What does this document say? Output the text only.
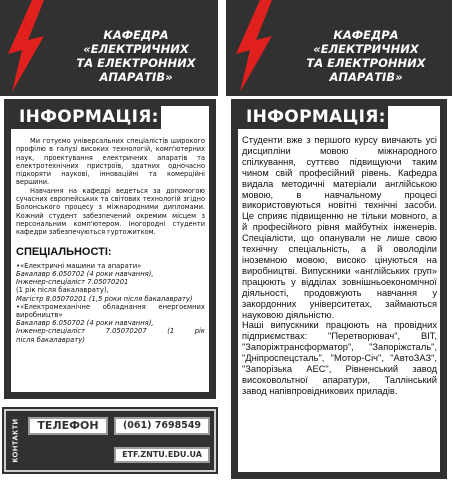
КАФЕДРА
«ЕЛЕКТРИЧНИХ
ТА ЕЛЕКТРОННИХ АПАРАТІВ»
КАФЕДРА
«ЕЛЕКТРИЧНИХ
ТА ЕЛЕКТРОННИХ АПАРАТІВ»
ІНФОРМАЦІЯ:

Ми готуємо універсальних спеціалістів широкого профілю в галузі високих технологій, комп'ютерних наук, проектування електричних апаратів та електротехнічних пристроїв, здатних одночасно підкоряти наукові, інноваційні та комерційні вершини.

Навчання на кафедрі ведеться за допомогою сучасних європейських та світових технологій згідно Болонського процесу з міжнародними дипломами. Кожний студент забезпечений окремим місцем з персональним комп'ютером. Іногородні студенти кафедри забезпечуються гуртожитком.

СПЕЦІАЛЬНОСТІ:
•«Електричні машини та апарати»
Бакалавр 6.050702 (4 роки навчання),
Інженер-спеціаліст 7.05070201
(1 рік після бакалаврату),
Магістр 8.05070201 (1,5 роки після бакалаврату)
•«Електромеханічне обладнання енергоємних виробництв»
Бакалавр 6.050702 (4 роки навчання),
Інженер-спеціаліст      7.05070207      (1      рік      після бакалаврату)
ІНФОРМАЦІЯ:

Студенти вже з першого курсу вивчають усі дисципліни мовою міжнародного спілкування, суттєво підвищуючи таким чином свій професійний рівень. Кафедра видала методичні матеріали англійською мовою, в навчальному процесі використовуються новітні технічні засоби. Це сприяє підвищенню не тільки мовного, а й професійного рівня майбутніх інженерів. Спеціалісти, що опанували не лише свою технічну спеціальність, а й оволоділи іноземною мовою, високо цінуються на виробництві. Випускники «англійських груп» працюють у відділах зовнішньоекономічної діяльності, продовжують навчання у закордонних університетах, займаються науковою діяльністю.

Наші випускники працюють на провідних підприємствах: "Перетворювач", ВІТ, "Запоріжтрансформатор", "Запоріжсталь", "Дніпроспецсталь", "Мотор-Січ", "АвтоЗАЗ", "Запорізька АЕС", Рівненський завод високовольтної апаратури, Таллінський завод напівпровідникових приладів.

КОНТАКТИ	ТЕЛЕФОН	(061) 7698549
ETF.ZNTU.EDU.UA
